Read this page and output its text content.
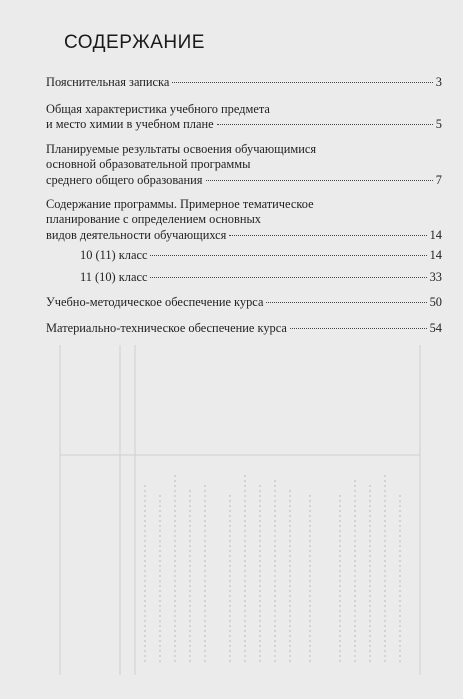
СОДЕРЖАНИЕ
Пояснительная записка	3
Общая характеристика учебного предмета
и место химии в учебном плане	5
Планируемые результаты освоения обучающимися
основной образовательной программы
среднего общего образования	7
Содержание программы. Примерное тематическое
планирование с определением основных
видов деятельности обучающихся	14
10 (11) класс	14
11 (10) класс	33
Учебно-методическое обеспечение курса	50
Материально-техническое обеспечение курса	54
